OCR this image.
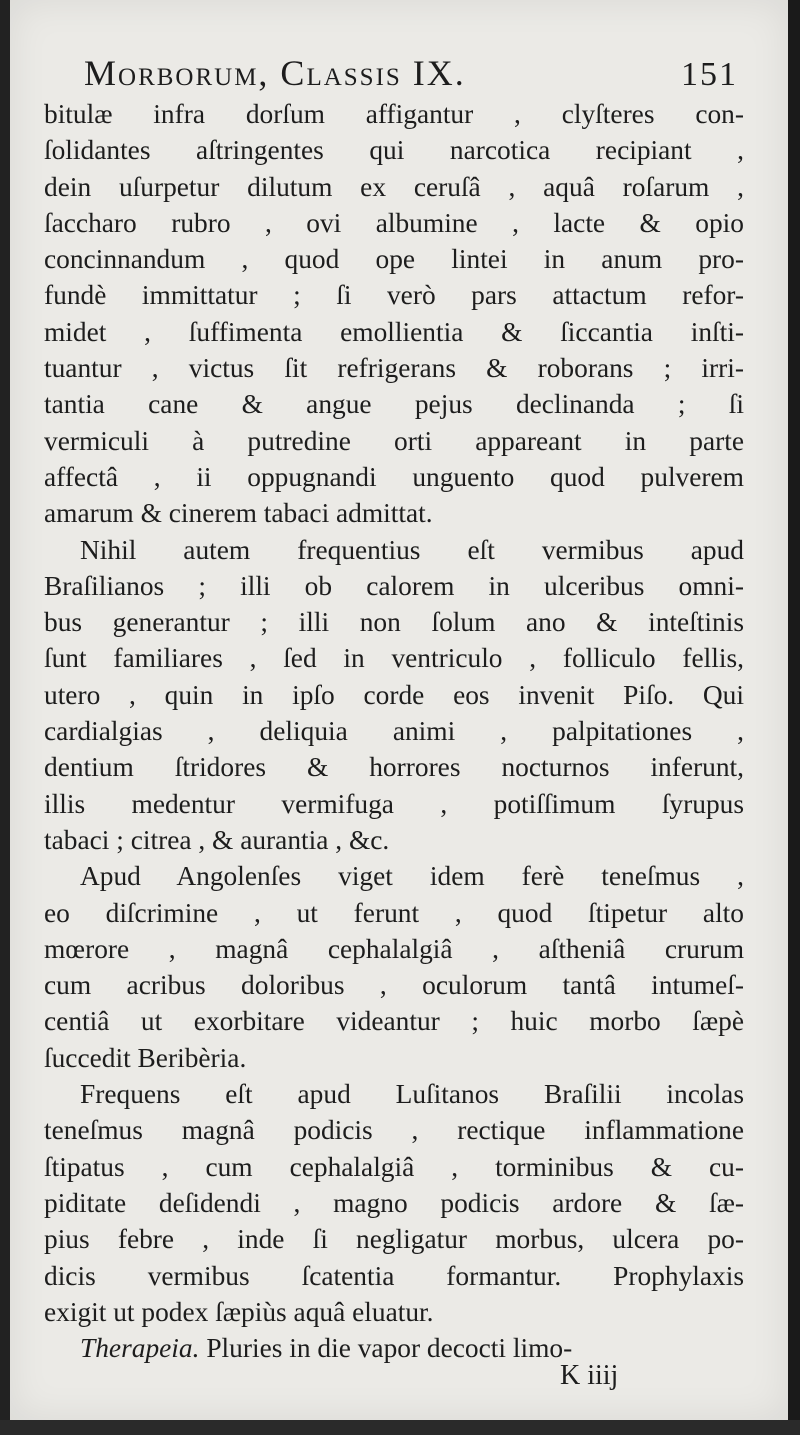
Morborum, Classis IX.	151
bitulæ infra dorſum affigantur , clyſteres con-
ſolidantes aſtringentes qui narcotica recipiant ,
dein uſurpetur dilutum ex ceruſâ , aquâ roſarum ,
ſaccharo rubro , ovi albumine , lacte & opio
concinnandum , quod ope lintei in anum pro-
fundè immittatur ; ſi verò pars attactum refor-
midet , ſuffimenta emollientia & ſiccantia inſti-
tuantur , victus ſit refrigerans & roborans ; irri-
tantia cane & angue pejus declinanda ; ſi
vermiculi à putredine orti appareant in parte
affectâ , ii oppugnandi unguento quod pulverem
amarum & cinerem tabaci admittat.
Nihil autem frequentius eſt vermibus apud
Braſilianos ; illi ob calorem in ulceribus omni-
bus generantur ; illi non ſolum ano & inteſtinis
ſunt familiares , ſed in ventriculo , folliculo fellis,
utero , quin in ipſo corde eos invenit Piſo. Qui
cardialgias , deliquia animi , palpitationes ,
dentium ſtridores & horrores nocturnos inferunt,
illis medentur vermifuga , potiſſimum ſyrupus
tabaci ; citrea , & aurantia , &c.
Apud Angolenſes viget idem ferè teneſmus ,
eo diſcrimine , ut ferunt , quod ſtipetur alto
mœrore , magnâ cephalalgiâ , aſtheniâ crurum
cum acribus doloribus , oculorum tantâ intumeſ-
centiâ ut exorbitare videantur ; huic morbo ſæpè
ſuccedit Beribèria.
Frequens eſt apud Luſitanos Braſilii incolas
teneſmus magnâ podicis , rectique inflammatione
ſtipatus , cum cephalalgiâ , torminibus & cu-
piditate deſidendi , magno podicis ardore & ſæ-
pius febre , inde ſi negligatur morbus, ulcera po-
dicis vermibus ſcatentia formantur. Prophylaxis
exigit ut podex ſæpiùs aquâ eluatur.
Therapeia. Pluries in die vapor decocti limo-
K iiij
